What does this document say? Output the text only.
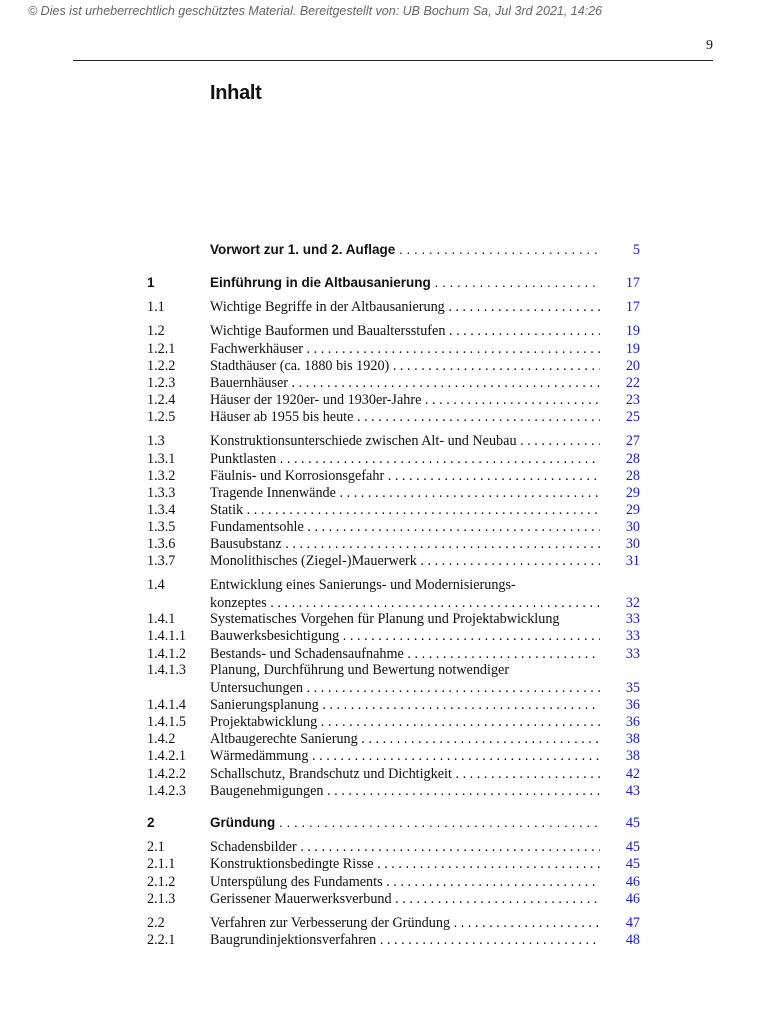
© Dies ist urheberrechtlich geschütztes Material. Bereitgestellt von: UB Bochum Sa, Jul 3rd 2021, 14:26
9
Inhalt
Vorwort zur 1. und 2. Auflage . . .	5
1	Einführung in die Altbausanierung . . .	17
1.1	Wichtige Begriffe in der Altbausanierung . . .	17
1.2	Wichtige Bauformen und Baualtersstufen . . .	19
1.2.1 Fachwerkhäuser . . .	19
1.2.2 Stadthäuser (ca. 1880 bis 1920) . . .	20
1.2.3 Bauernhäuser . . .	22
1.2.4 Häuser der 1920er- und 1930er-Jahre . . .	23
1.2.5 Häuser ab 1955 bis heute . . .	25
1.3	Konstruktionsunterschiede zwischen Alt- und Neubau . . .	27
1.3.1 Punktlasten . . .	28
1.3.2 Fäulnis- und Korrosionsgefahr . . .	28
1.3.3 Tragende Innenwände . . .	29
1.3.4 Statik . . .	29
1.3.5 Fundamentsohle . . .	30
1.3.6 Bausubstanz . . .	30
1.3.7 Monolithisches (Ziegel-)Mauerwerk . . .	31
1.4	Entwicklung eines Sanierungs- und Modernisierungs-
konzeptes . . .	32
1.4.1 Systematisches Vorgehen für Planung und Projektabwicklung	33
1.4.1.1 Bauwerksbesichtigung . . .	33
1.4.1.2 Bestands- und Schadensaufnahme . . .	33
1.4.1.3 Planung, Durchführung und Bewertung notwendiger
Untersuchungen . . .	35
1.4.1.4 Sanierungsplanung . . .	36
1.4.1.5 Projektabwicklung . . .	36
1.4.2 Altbaugerechte Sanierung . . .	38
1.4.2.1 Wärmedämmung . . .	38
1.4.2.2 Schallschutz, Brandschutz und Dichtigkeit . . .	42
1.4.2.3 Baugenehmigungen . . .	43
2	Gründung . . .	45
2.1	Schadensbilder . . .	45
2.1.1 Konstruktionsbedingte Risse . . .	45
2.1.2 Unterspülung des Fundaments . . .	46
2.1.3 Gerissener Mauerwerksverbund . . .	46
2.2	Verfahren zur Verbesserung der Gründung . . .	47
2.2.1 Baugrundinjektionsverfahren . . .	48
